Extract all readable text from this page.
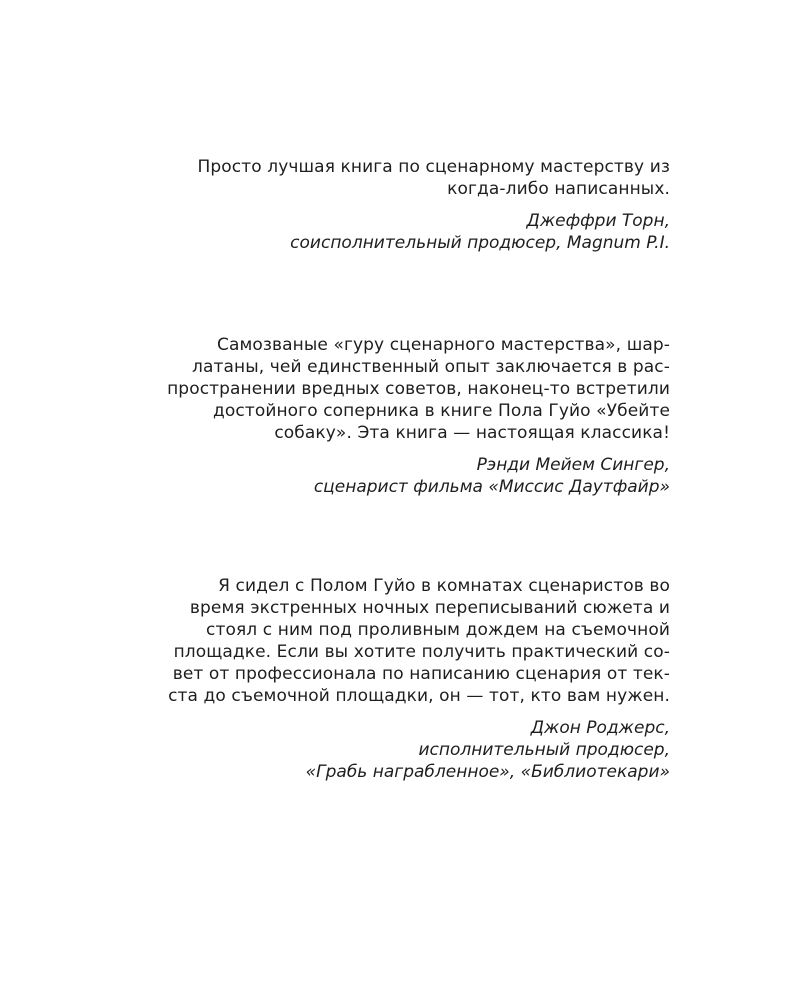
Просто лучшая книга по сценарному мастерству из
когда-либо написанных.
Джеффри Торн,
соисполнительный продюсер, Magnum P.I.
Самозваные «гуру сценарного мастерства», шар-
латаны, чей единственный опыт заключается в рас-
пространении вредных советов, наконец-то встретили
достойного соперника в книге Пола Гуйо «Убейте
собаку». Эта книга — настоящая классика!
Рэнди Мейем Сингер,
сценарист фильма «Миссис Даутфайр»
Я сидел с Полом Гуйо в комнатах сценаристов во
время экстренных ночных переписываний сюжета и
стоял с ним под проливным дождем на съемочной
площадке. Если вы хотите получить практический со-
вет от профессионала по написанию сценария от тек-
ста до съемочной площадки, он — тот, кто вам нужен.
Джон Роджерс,
исполнительный продюсер,
«Грабь награбленное», «Библиотекари»
